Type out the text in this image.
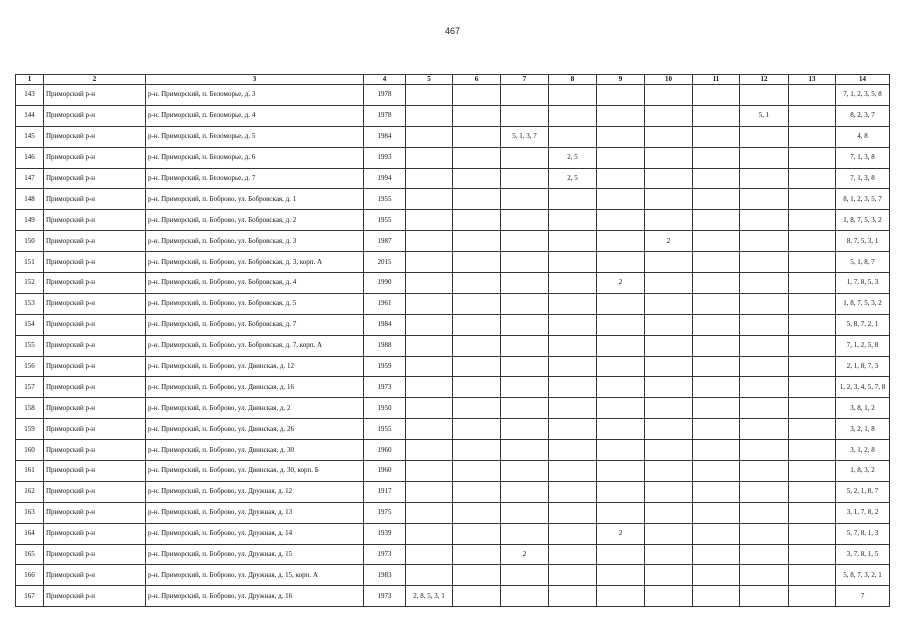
467
1	2	3	4	5	6	7	8	9	10	11	12	13	14
143	Приморский р-н	р-н. Приморский, п. Беломорье, д. 3	1978										7, 1, 2, 3, 5, 8
144	Приморский р-н	р-н. Приморский, п. Беломорье, д. 4	1978								5, 1		8, 2, 3, 7
145	Приморский р-н	р-н. Приморский, п. Беломорье, д. 5	1984			5, 1, 3, 7							4, 8
146	Приморский р-н	р-н. Приморский, п. Беломорье, д. 6	1993				2, 5						7, 1, 3, 8
147	Приморский р-н	р-н. Приморский, п. Беломорье, д. 7	1994				2, 5						7, 1, 3, 8
148	Приморский р-н	р-н. Приморский, п. Боброво, ул. Бобровская, д. 1	1955										8, 1, 2, 3, 5, 7
149	Приморский р-н	р-н. Приморский, п. Боброво, ул. Бобровская, д. 2	1955										1, 8, 7, 5, 3, 2
150	Приморский р-н	р-н. Приморский, п. Боброво, ул. Бобровская, д. 3	1987						2				8, 7, 5, 3, 1
151	Приморский р-н	р-н. Приморский, п. Боброво, ул. Бобровская, д. 3, корп. А	2015										5, 1, 8, 7
152	Приморский р-н	р-н. Приморский, п. Боброво, ул. Бобровская, д. 4	1990					2					1, 7, 8, 5, 3
153	Приморский р-н	р-н. Приморский, п. Боброво, ул. Бобровская, д. 5	1961										1, 8, 7, 5, 3, 2
154	Приморский р-н	р-н. Приморский, п. Боброво, ул. Бобровская, д. 7	1984										5, 8, 7, 2, 1
155	Приморский р-н	р-н. Приморский, п. Боброво, ул. Бобровская, д. 7, корп. А	1988										7, 1, 2, 5, 8
156	Приморский р-н	р-н. Приморский, п. Боброво, ул. Двинская, д. 12	1959										2, 1, 8, 7, 3
157	Приморский р-н	р-н. Приморский, п. Боброво, ул. Двинская, д. 16	1973										1, 2, 3, 4, 5, 7, 8
158	Приморский р-н	р-н. Приморский, п. Боброво, ул. Двинская, д. 2	1950										3, 8, 1, 2
159	Приморский р-н	р-н. Приморский, п. Боброво, ул. Двинская, д. 26	1955										3, 2, 1, 8
160	Приморский р-н	р-н. Приморский, п. Боброво, ул. Двинская, д. 30	1960										3, 1, 2, 8
161	Приморский р-н	р-н. Приморский, п. Боброво, ул. Двинская, д. 30, корп. Б	1960										1, 8, 3, 2
162	Приморский р-н	р-н. Приморский, п. Боброво, ул. Дружная, д. 12	1917										5, 2, 1, 8, 7
163	Приморский р-н	р-н. Приморский, п. Боброво, ул. Дружная, д. 13	1975										3, 1, 7, 8, 2
164	Приморский р-н	р-н. Приморский, п. Боброво, ул. Дружная, д. 14	1939					2					5, 7, 8, 1, 3
165	Приморский р-н	р-н. Приморский, п. Боброво, ул. Дружная, д. 15	1973			2							3, 7, 8, 1, 5
166	Приморский р-н	р-н. Приморский, п. Боброво, ул. Дружная, д. 15, корп. А	1983										5, 8, 7, 3, 2, 1
167	Приморский р-н	р-н. Приморский, п. Боброво, ул. Дружная, д. 16	1973	2, 8, 5, 3, 1									7
